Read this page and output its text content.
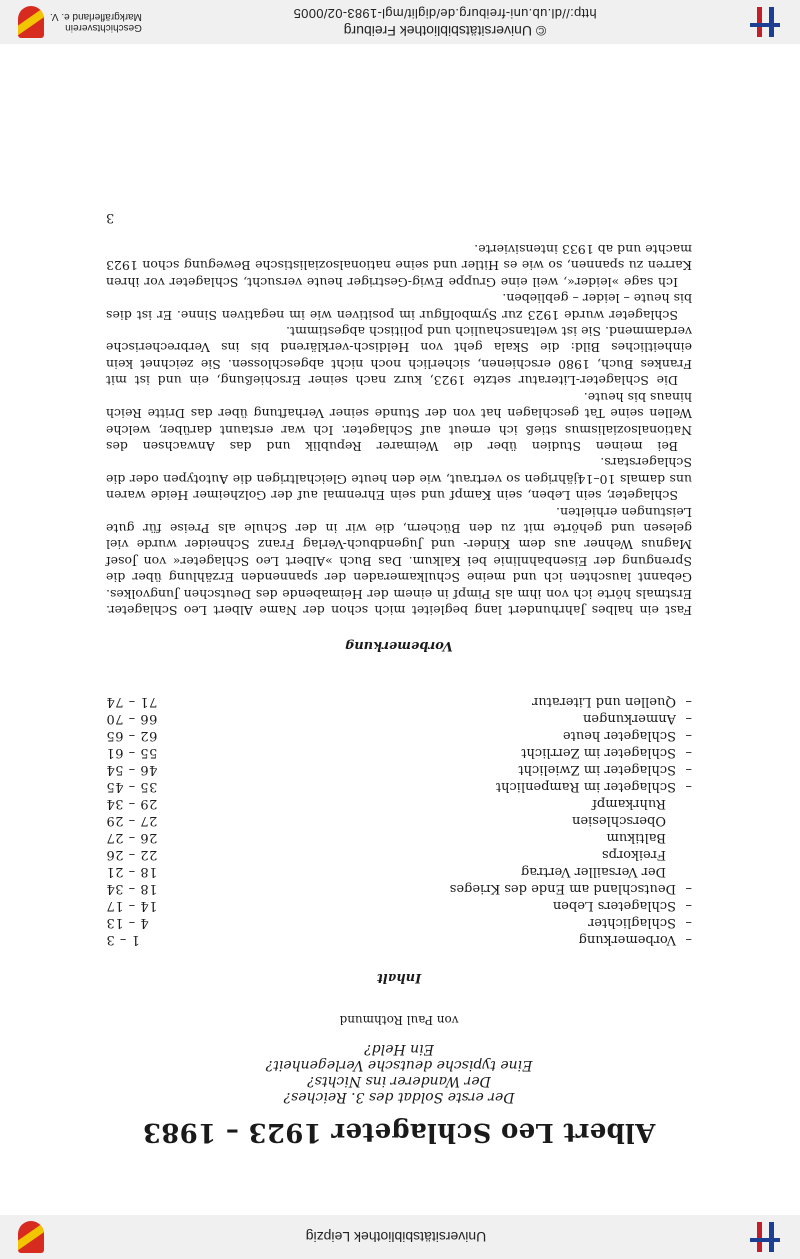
Universitätsbibliothek Leipzig
Albert Leo Schlageter 1923 – 1983

Der erste Soldat des 3. Reiches?

Der Wanderer ins Nichts?

Eine typische deutsche Verlegenheit?

Ein Held?

von Paul Rothmund

Inhalt
–
Vorbemerkung
1 – 3
–
Schlaglichter
4 – 13
–
Schlageters Leben
14 – 17
–
Deutschland am Ende des Krieges
18 – 34
Der Versailler Vertrag
18 – 21
Freikorps
22 – 26
Baltikum
26 – 27
Oberschlesien
27 – 29
Ruhrkampf
29 – 34
–
Schlageter im Rampenlicht
35 – 45
–
Schlageter im Zwielicht
46 – 54
–
Schlageter im Zerrlicht
55 – 61
–
Schlageter heute
62 – 65
–
Anmerkungen
66 – 70
–
Quellen und Literatur
71 – 74
Vorbemerkung

Fast ein halbes Jahrhundert lang begleitet mich schon der Name Albert Leo Schlageter. Erstmals hörte ich von ihm als Pimpf in einem der Heimabende des Deutschen Jungvolkes. Gebannt lauschten ich und meine Schulkameraden der spannenden Erzählung über die Sprengung der Eisenbahnlinie bei Kalkum. Das Buch »Albert Leo Schlageter« von Josef Magnus Wehner aus dem Kinder- und Jugendbuch-Verlag Franz Schneider wurde viel gelesen und gehörte mit zu den Büchern, die wir in der Schule als Preise für gute Leistungen erhielten.

Schlageter, sein Leben, sein Kampf und sein Ehrenmal auf der Golzheimer Heide waren uns damals 10–14jährigen so vertraut, wie den heute Gleichaltrigen die Autotypen oder die Schlagerstars.

Bei meinen Studien über die Weimarer Republik und das Anwachsen des Nationalsozialismus stieß ich erneut auf Schlageter. Ich war erstaunt darüber, welche Wellen seine Tat geschlagen hat von der Stunde seiner Verhaftung über das Dritte Reich hinaus bis heute.

Die Schlageter-Literatur setzte 1923, kurz nach seiner Erschießung, ein und ist mit Frankes Buch, 1980 erschienen, sicherlich noch nicht abgeschlossen. Sie zeichnet kein einheitliches Bild: die Skala geht von Heldisch-verklärend bis ins Verbrecherische verdammend. Sie ist weltanschaulich und politisch abgestimmt.

Schlageter wurde 1923 zur Symbolfigur im positiven wie im negativen Sinne. Er ist dies bis heute – leider – geblieben.

Ich sage »leider«, weil eine Gruppe Ewig-Gestriger heute versucht, Schlageter vor ihren Karren zu spannen, so wie es Hitler und seine nationalsozialistische Bewegung schon 1923 machte und ab 1933 intensivierte.

3

© Universitätsbibliothek Freiburg
http://dl.ub.uni-freiburg.de/diglit/mgl-1983-02/0005
Geschichtsverein
Markgräflerland e. V.
